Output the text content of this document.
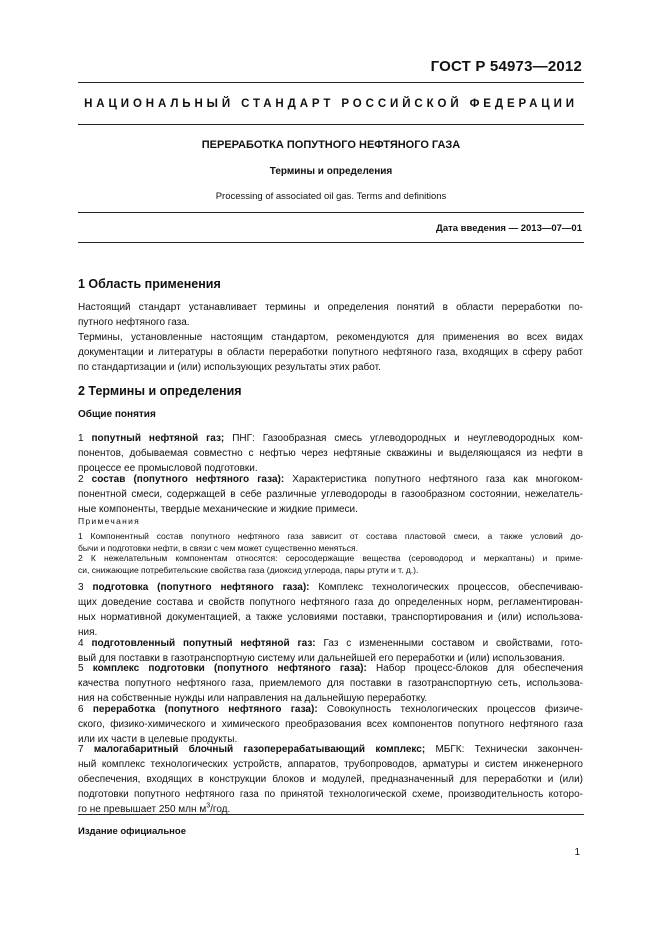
ГОСТ Р 54973—2012
НАЦИОНАЛЬНЫЙ СТАНДАРТ РОССИЙСКОЙ ФЕДЕРАЦИИ
ПЕРЕРАБОТКА ПОПУТНОГО НЕФТЯНОГО ГАЗА
Термины и определения
Processing of associated oil gas. Terms and definitions
Дата введения — 2013—07—01
1 Область применения
Настоящий стандарт устанавливает термины и определения понятий в области переработки по-
путного нефтяного газа.
Термины, установленные настоящим стандартом, рекомендуются для применения во всех видах
документации и литературы в области переработки попутного нефтяного газа, входящих в сферу работ
по стандартизации и (или) использующих результаты этих работ.
2 Термины и определения
Общие понятия
1 попутный нефтяной газ; ПНГ: Газообразная смесь углеводородных и неуглеводородных ком-
понентов, добываемая совместно с нефтью через нефтяные скважины и выделяющаяся из нефти в
процессе ее промысловой подготовки.
2 состав (попутного нефтяного газа): Характеристика попутного нефтяного газа как многоком-
понентной смеси, содержащей в себе различные углеводороды в газообразном состоянии, нежелатель-
ные компоненты, твердые механические и жидкие примеси.
Примечания
1 Компонентный состав попутного нефтяного газа зависит от состава пластовой смеси, а также условий до-
бычи и подготовки нефти, в связи с чем может существенно меняться.
2 К нежелательным компонентам относятся: серосодержащие вещества (сероводород и меркаптаны) и приме-
си, снижающие потребительские свойства газа (диоксид углерода, пары ртути и т. д.).
3 подготовка (попутного нефтяного газа): Комплекс технологических процессов, обеспечиваю-
щих доведение состава и свойств попутного нефтяного газа до определенных норм, регламентирован-
ных нормативной документацией, а также условиями поставки, транспортирования и (или) использова-
ния.
4 подготовленный попутный нефтяной газ: Газ с измененными составом и свойствами, гото-
вый для поставки в газотранспортную систему или дальнейшей его переработки и (или) использования.
5 комплекс подготовки (попутного нефтяного газа): Набор процесс-блоков для обеспечения
качества попутного нефтяного газа, приемлемого для поставки в газотранспортную сеть, использова-
ния на собственные нужды или направления на дальнейшую переработку.
6 переработка (попутного нефтяного газа): Совокупность технологических процессов физиче-
ского, физико-химического и химического преобразования всех компонентов попутного нефтяного газа
или их части в целевые продукты.
7 малогабаритный блочный газоперерабатывающий комплекс; МБГК: Технически закончен-
ный комплекс технологических устройств, аппаратов, трубопроводов, арматуры и систем инженерного
обеспечения, входящих в конструкции блоков и модулей, предназначенный для переработки и (или)
подготовки попутного нефтяного газа по принятой технологической схеме, производительность которо-
го не превышает 250 млн $м^3$/год.
Издание официальное
1
